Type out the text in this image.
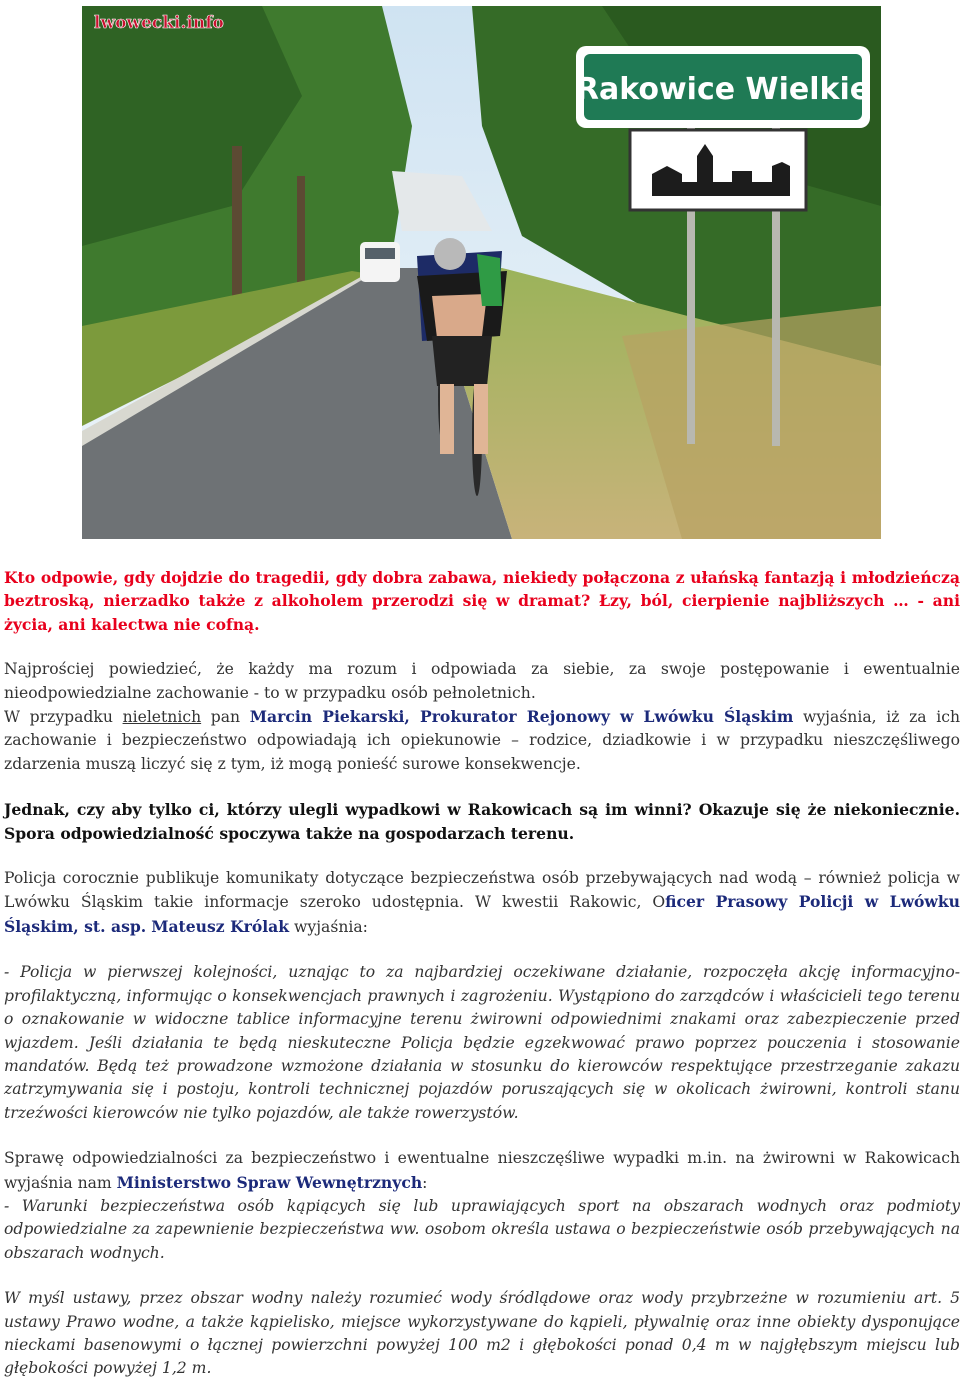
Rakowice Wielkie
lwowecki.info

Kto odpowie, gdy dojdzie do tragedii, gdy dobra zabawa, niekiedy połączona z ułańską fantazją i młodzieńczą beztroską, nierzadko także z alkoholem przerodzi się w dramat? Łzy, ból, cierpienie najbliższych … - ani życia, ani kalectwa nie cofną.

Najprościej powiedzieć, że każdy ma rozum i odpowiada za siebie, za swoje postępowanie i ewentualnie nieodpowiedzialne zachowanie - to w przypadku osób pełnoletnich.

W przypadku nieletnich pan Marcin Piekarski, Prokurator Rejonowy w Lwówku Śląskim wyjaśnia, iż za ich zachowanie i bezpieczeństwo odpowiadają ich opiekunowie – rodzice, dziadkowie i w przypadku nieszczęśliwego zdarzenia muszą liczyć się z tym, iż mogą ponieść surowe konsekwencje.

Jednak, czy aby tylko ci, którzy ulegli wypadkowi w Rakowicach są im winni? Okazuje się że niekoniecznie. Spora odpowiedzialność spoczywa także na gospodarzach terenu.

Policja corocznie publikuje komunikaty dotyczące bezpieczeństwa osób przebywających nad wodą – również policja w Lwówku Śląskim takie informacje szeroko udostępnia. W kwestii Rakowic, Oficer Prasowy Policji w Lwówku Śląskim, st. asp. Mateusz Królak wyjaśnia:

- Policja w pierwszej kolejności, uznając to za najbardziej oczekiwane działanie, rozpoczęła akcję informacyjno-profilaktyczną, informując o konsekwencjach prawnych i zagrożeniu. Wystąpiono do zarządców i właścicieli tego terenu o oznakowanie w widoczne tablice informacyjne terenu żwirowni odpowiednimi znakami oraz zabezpieczenie przed wjazdem. Jeśli działania te będą nieskuteczne Policja będzie egzekwować prawo poprzez pouczenia i stosowanie mandatów. Będą też prowadzone wzmożone działania w stosunku do kierowców respektujące przestrzeganie zakazu zatrzymywania się i postoju, kontroli technicznej pojazdów poruszających się w okolicach żwirowni, kontroli stanu trzeźwości kierowców nie tylko pojazdów, ale także rowerzystów.

Sprawę odpowiedzialności za bezpieczeństwo i ewentualne nieszczęśliwe wypadki m.in. na żwirowni w Rakowicach wyjaśnia nam Ministerstwo Spraw Wewnętrznych:

- Warunki bezpieczeństwa osób kąpiących się lub uprawiających sport na obszarach wodnych oraz podmioty odpowiedzialne za zapewnienie bezpieczeństwa ww. osobom określa ustawa o bezpieczeństwie osób przebywających na obszarach wodnych.

W myśl ustawy, przez obszar wodny należy rozumieć wody śródlądowe oraz wody przybrzeżne w rozumieniu art. 5 ustawy Prawo wodne, a także kąpielisko, miejsce wykorzystywane do kąpieli, pływalnię oraz inne obiekty dysponujące nieckami basenowymi o łącznej powierzchni powyżej 100 m2 i głębokości ponad 0,4 m w najgłębszym miejscu lub głębokości powyżej 1,2 m.
